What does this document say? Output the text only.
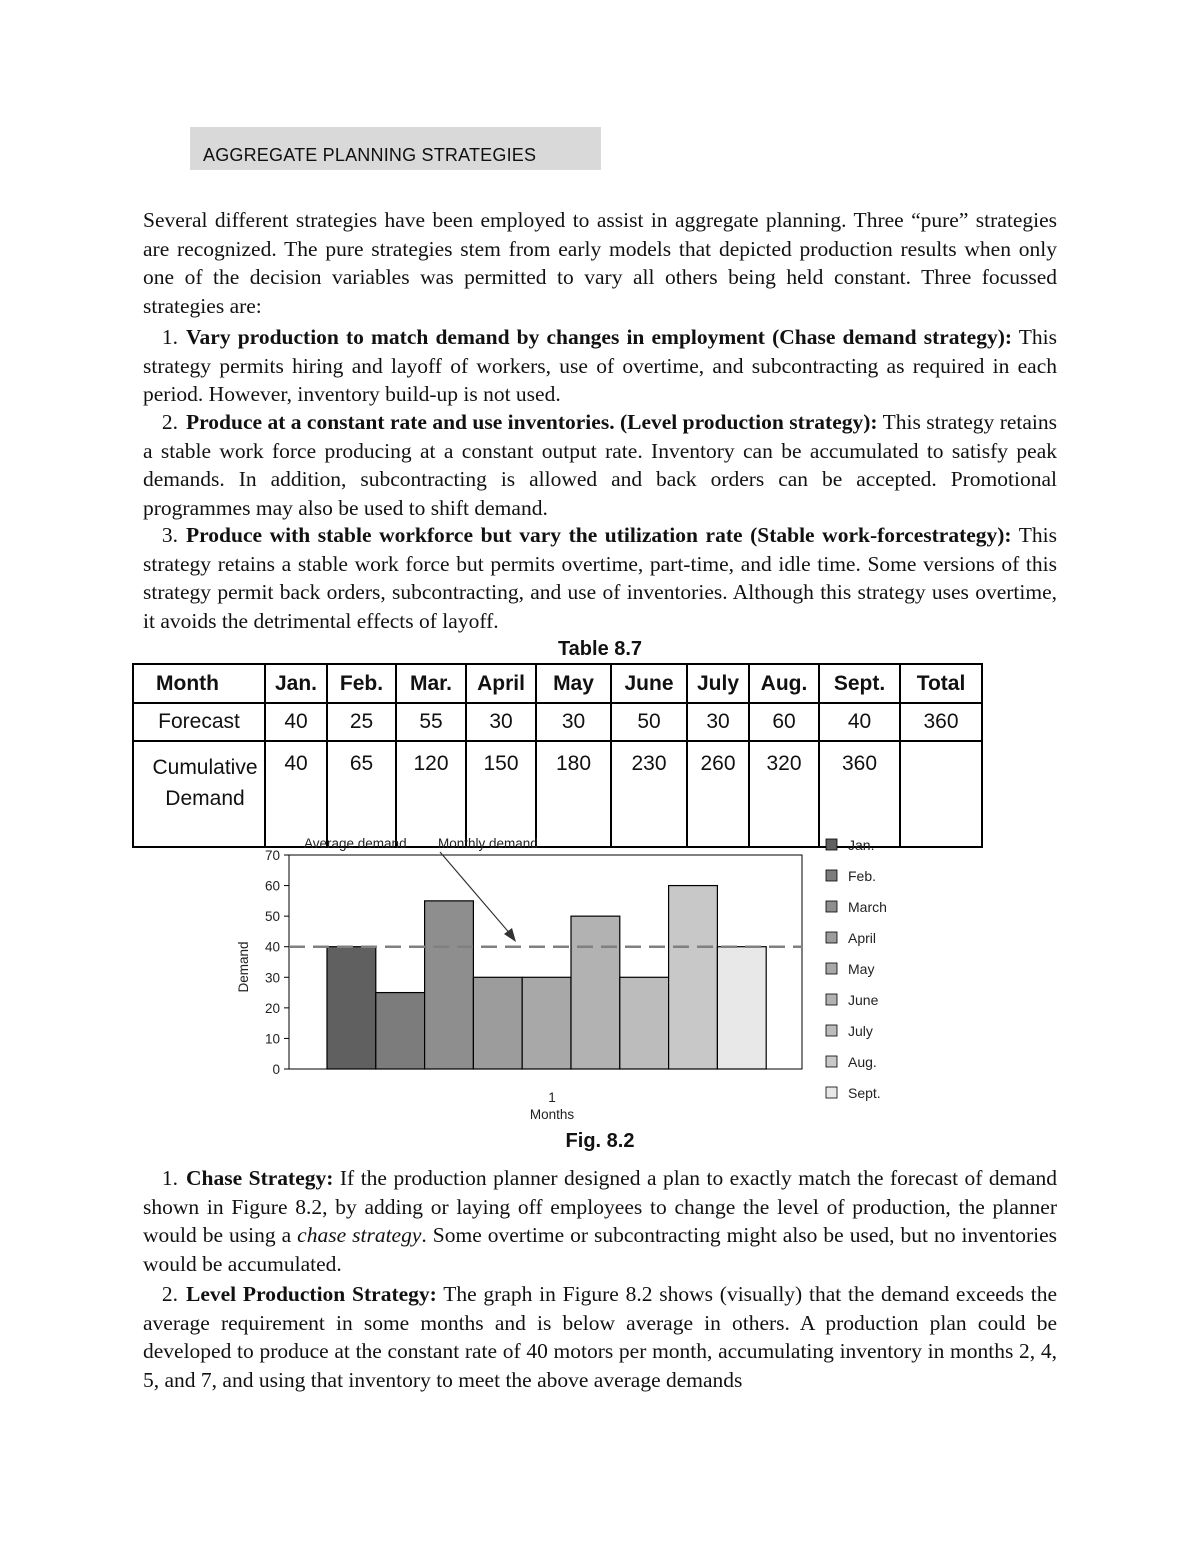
AGGREGATE PLANNING STRATEGIES

Several different strategies have been employed to assist in aggregate planning. Three “pure” strategies are recognized. The pure strategies stem from early models that depicted production results when only one of the decision variables was permitted to vary all others being held constant. Three focussed strategies are:

1. Vary production to match demand by changes in employment (Chase demand strategy): This strategy permits hiring and layoff of workers, use of overtime, and subcontracting as required in each period. However, inventory build-up is not used.

2. Produce at a constant rate and use inventories. (Level production strategy): This strategy retains a stable work force producing at a constant output rate. Inventory can be accumulated to satisfy peak demands. In addition, subcontracting is allowed and back orders can be accepted. Promotional programmes may also be used to shift demand.

3. Produce with stable workforce but vary the utilization rate (Stable work-forcestrategy): This strategy retains a stable work force but permits overtime, part-time, and idle time. Some versions of this strategy permit back orders, subcontracting, and use of inventories. Although this strategy uses overtime, it avoids the detrimental effects of layoff.

Table 8.7
Month	Jan.	Feb.	Mar.	April	May	June	July	Aug.	Sept.	Total
Forecast	40	25	55	30	30	50	30	60	40	360
Cumulative Demand	40	65	120	150	180	230	260	320	360	
0
10
20
30
40
50
60
70
Average demand Monthly demand
1
Months
Demand
Jan.
Feb.
March
April
May
June
July
Aug.
Sept.
Fig. 8.2

1. Chase Strategy: If the production planner designed a plan to exactly match the forecast of demand shown in Figure 8.2, by adding or laying off employees to change the level of production, the planner would be using a chase strategy. Some overtime or subcontracting might also be used, but no inventories would be accumulated.

2. Level Production Strategy: The graph in Figure 8.2 shows (visually) that the demand exceeds the average requirement in some months and is below average in others. A production plan could be developed to produce at the constant rate of 40 motors per month, accumulating inventory in months 2, 4, 5, and 7, and using that inventory to meet the above average demands
